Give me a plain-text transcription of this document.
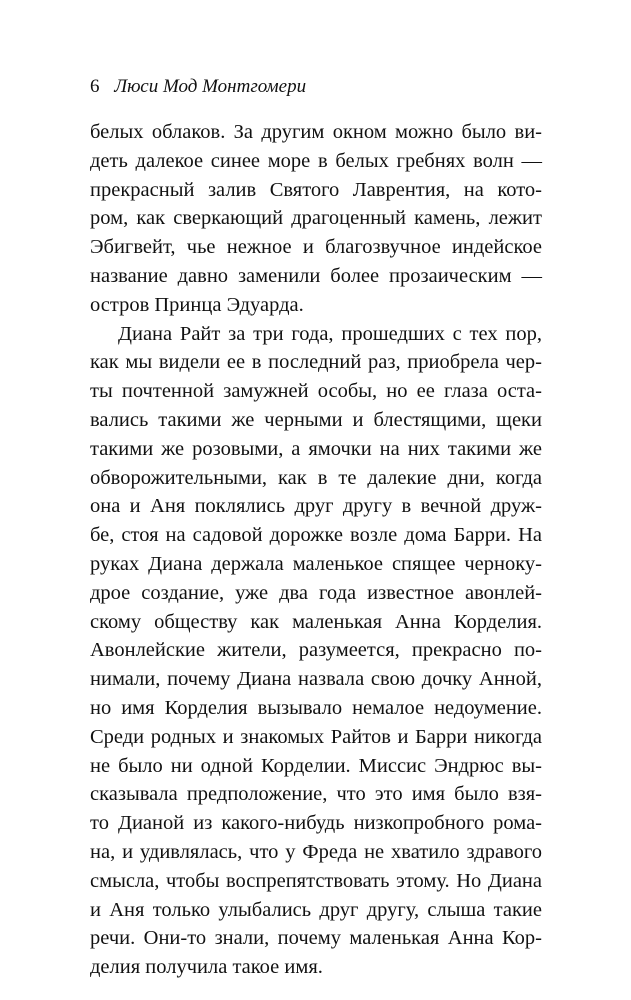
6 Люси Мод Монтгомери
белых облаков. За другим окном можно было ви-
деть далекое синее море в белых гребнях волн —
прекрасный залив Святого Лаврентия, на кото-
ром, как сверкающий драгоценный камень, лежит
Эбигвейт, чье нежное и благозвучное индейское
название давно заменили более прозаическим —
остров Принца Эдуарда.
Диана Райт за три года, прошедших с тех пор,
как мы видели ее в последний раз, приобрела чер-
ты почтенной замужней особы, но ее глаза оста-
вались такими же черными и блестящими, щеки
такими же розовыми, а ямочки на них такими же
обворожительными, как в те далекие дни, когда
она и Аня поклялись друг другу в вечной друж-
бе, стоя на садовой дорожке возле дома Барри. На
руках Диана держала маленькое спящее черноку-
дрое создание, уже два года известное авонлей-
скому обществу как маленькая Анна Корделия.
Авонлейские жители, разумеется, прекрасно по-
нимали, почему Диана назвала свою дочку Анной,
но имя Корделия вызывало немалое недоумение.
Среди родных и знакомых Райтов и Барри никогда
не было ни одной Корделии. Миссис Эндрюс вы-
сказывала предположение, что это имя было взя-
то Дианой из какого-нибудь низкопробного рома-
на, и удивлялась, что у Фреда не хватило здравого
смысла, чтобы воспрепятствовать этому. Но Диана
и Аня только улыбались друг другу, слыша такие
речи. Они-то знали, почему маленькая Анна Кор-
делия получила такое имя.
